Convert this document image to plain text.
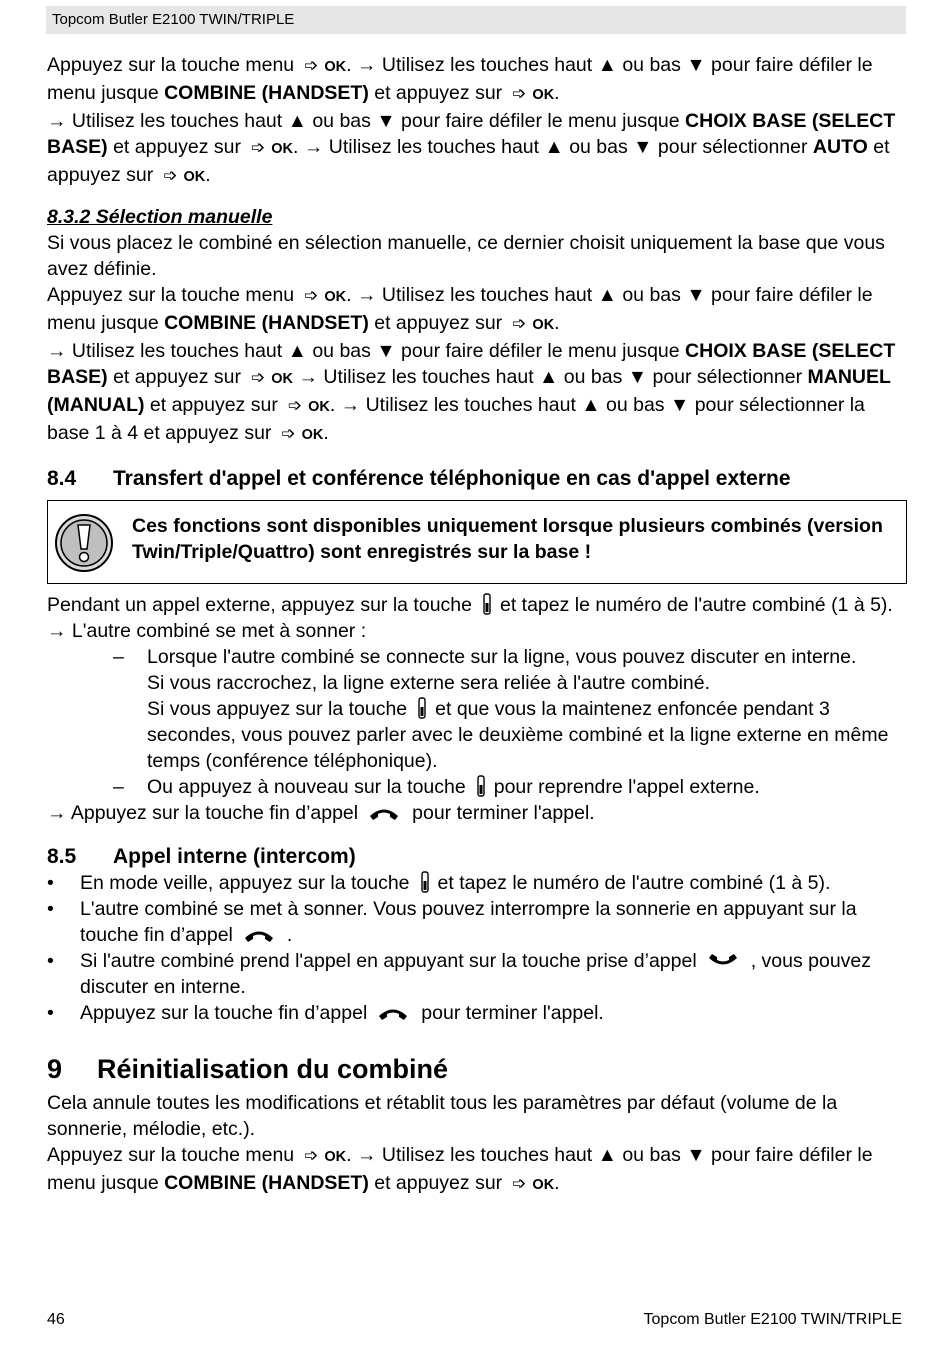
Topcom Butler E2100 TWIN/TRIPLE

Appuyez sur la touche menu ➩ OK. → Utilisez les touches haut ▲ ou bas ▼ pour faire défiler le menu jusque COMBINE (HANDSET) et appuyez sur ➩ OK.

→ Utilisez les touches haut ▲ ou bas ▼ pour faire défiler le menu jusque CHOIX BASE (SELECT BASE) et appuyez sur ➩ OK. → Utilisez les touches haut ▲ ou bas ▼ pour sélectionner AUTO et appuyez sur ➩ OK.

8.3.2 Sélection manuelle

Si vous placez le combiné en sélection manuelle, ce dernier choisit uniquement la base que vous avez définie.

Appuyez sur la touche menu ➩ OK. → Utilisez les touches haut ▲ ou bas ▼ pour faire défiler le menu jusque COMBINE (HANDSET) et appuyez sur ➩ OK.

→ Utilisez les touches haut ▲ ou bas ▼ pour faire défiler le menu jusque CHOIX BASE (SELECT BASE) et appuyez sur ➩ OK → Utilisez les touches haut ▲ ou bas ▼ pour sélectionner MANUEL (MANUAL) et appuyez sur ➩ OK. → Utilisez les touches haut ▲ ou bas ▼ pour sélectionner la base 1 à 4 et appuyez sur ➩ OK.

8.4 Transfert d'appel et conférence téléphonique en cas d'appel externe
Ces fonctions sont disponibles uniquement lorsque plusieurs combinés (version Twin/Triple/Quattro) sont enregistrés sur la base !

Pendant un appel externe, appuyez sur la touche et tapez le numéro de l'autre combiné (1 à 5).

→ L'autre combiné se met à sonner :

– Lorsque l'autre combiné se connecte sur la ligne, vous pouvez discuter en interne.
Si vous raccrochez, la ligne externe sera reliée à l'autre combiné.
Si vous appuyez sur la touche et que vous la maintenez enfoncée pendant 3 secondes, vous pouvez parler avec le deuxième combiné et la ligne externe en même temps (conférence téléphonique).
– Ou appuyez à nouveau sur la touche pour reprendre l'appel externe.

→ Appuyez sur la touche fin d’appel	pour terminer l'appel.

8.5 Appel interne (intercom)
• En mode veille, appuyez sur la touche et tapez le numéro de l'autre combiné (1 à 5).
• L'autre combiné se met à sonner. Vous pouvez interrompre la sonnerie en appuyant sur la touche fin d’appel	.
• Si l'autre combiné prend l'appel en appuyant sur la touche prise d’appel	, vous pouvez discuter en interne.
• Appuyez sur la touche fin d’appel	pour terminer l'appel.
9 Réinitialisation du combiné

Cela annule toutes les modifications et rétablit tous les paramètres par défaut (volume de la sonnerie, mélodie, etc.).

Appuyez sur la touche menu ➩ OK. → Utilisez les touches haut ▲ ou bas ▼ pour faire défiler le menu jusque COMBINE (HANDSET) et appuyez sur ➩ OK.

46	Topcom Butler E2100 TWIN/TRIPLE
